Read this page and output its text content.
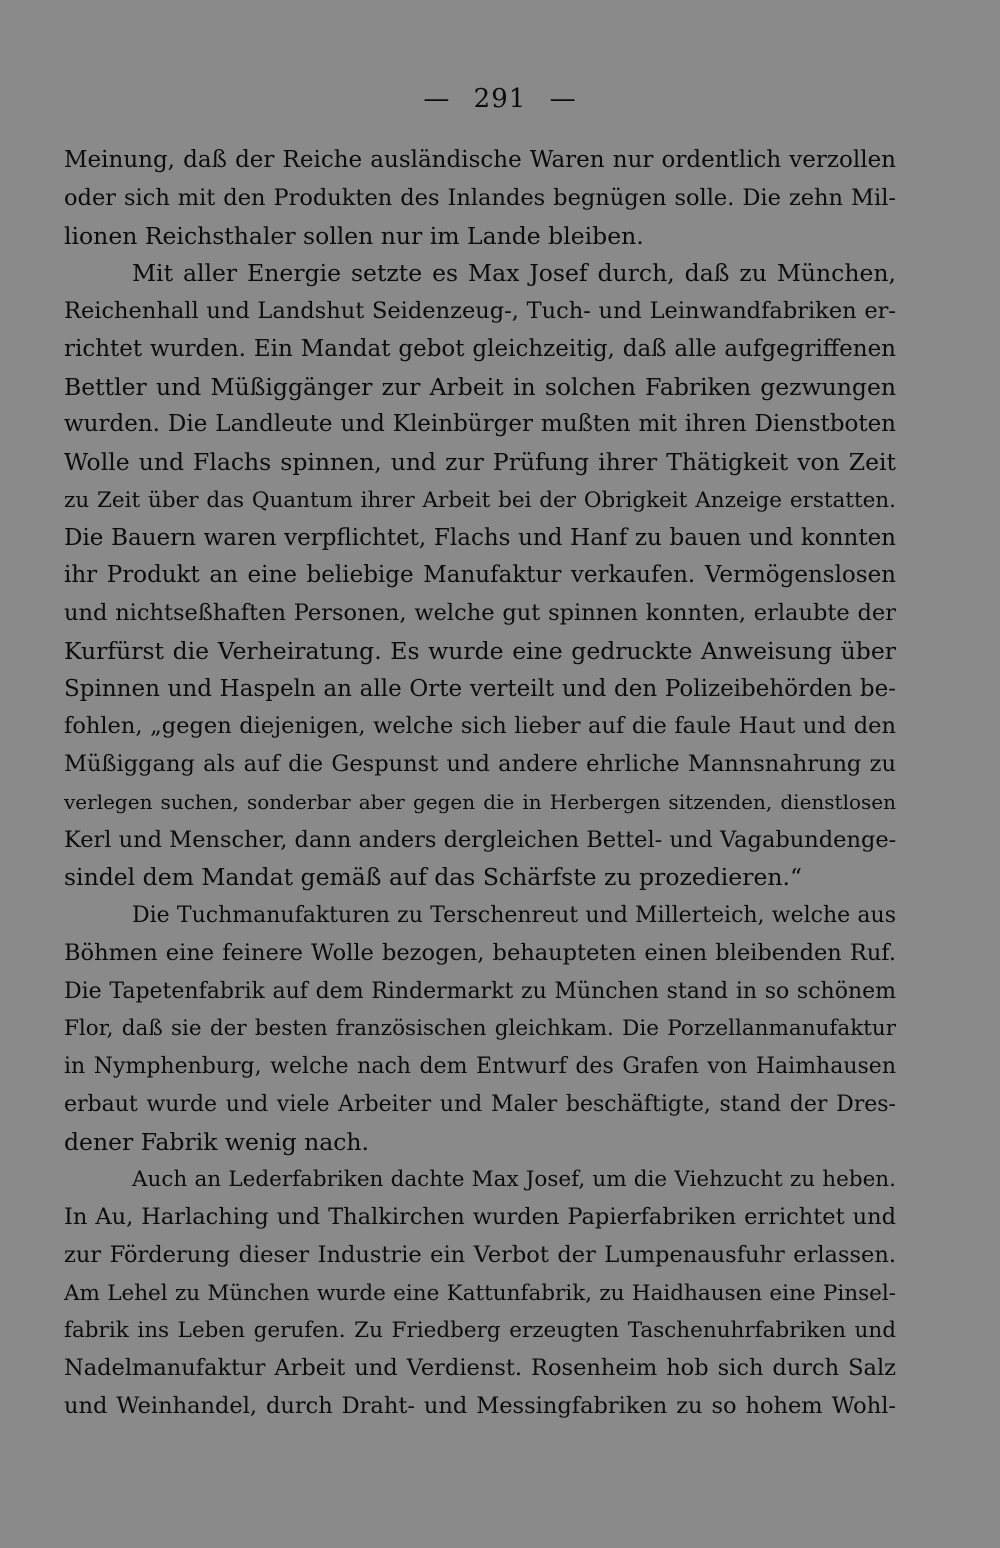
— 291 —
Meinung, daß der Reiche ausländische Waren nur ordentlich verzollen
oder sich mit den Produkten des Inlandes begnügen solle. Die zehn Mil-
lionen Reichsthaler sollen nur im Lande bleiben.
Mit aller Energie setzte es Max Josef durch, daß zu München,
Reichenhall und Landshut Seidenzeug-, Tuch- und Leinwandfabriken er-
richtet wurden. Ein Mandat gebot gleichzeitig, daß alle aufgegriffenen
Bettler und Müßiggänger zur Arbeit in solchen Fabriken gezwungen
wurden. Die Landleute und Kleinbürger mußten mit ihren Dienstboten
Wolle und Flachs spinnen, und zur Prüfung ihrer Thätigkeit von Zeit
zu Zeit über das Quantum ihrer Arbeit bei der Obrigkeit Anzeige erstatten.
Die Bauern waren verpflichtet, Flachs und Hanf zu bauen und konnten
ihr Produkt an eine beliebige Manufaktur verkaufen. Vermögenslosen
und nichtseßhaften Personen, welche gut spinnen konnten, erlaubte der
Kurfürst die Verheiratung. Es wurde eine gedruckte Anweisung über
Spinnen und Haspeln an alle Orte verteilt und den Polizeibehörden be-
fohlen, „gegen diejenigen, welche sich lieber auf die faule Haut und den
Müßiggang als auf die Gespunst und andere ehrliche Mannsnahrung zu
verlegen suchen, sonderbar aber gegen die in Herbergen sitzenden, dienstlosen
Kerl und Menscher, dann anders dergleichen Bettel- und Vagabundenge-
sindel dem Mandat gemäß auf das Schärfste zu prozedieren.“
Die Tuchmanufakturen zu Terschenreut und Millerteich, welche aus
Böhmen eine feinere Wolle bezogen, behaupteten einen bleibenden Ruf.
Die Tapetenfabrik auf dem Rindermarkt zu München stand in so schönem
Flor, daß sie der besten französischen gleichkam. Die Porzellanmanufaktur
in Nymphenburg, welche nach dem Entwurf des Grafen von Haimhausen
erbaut wurde und viele Arbeiter und Maler beschäftigte, stand der Dres-
dener Fabrik wenig nach.
Auch an Lederfabriken dachte Max Josef, um die Viehzucht zu heben.
In Au, Harlaching und Thalkirchen wurden Papierfabriken errichtet und
zur Förderung dieser Industrie ein Verbot der Lumpenausfuhr erlassen.
Am Lehel zu München wurde eine Kattunfabrik, zu Haidhausen eine Pinsel-
fabrik ins Leben gerufen. Zu Friedberg erzeugten Taschenuhrfabriken und
Nadelmanufaktur Arbeit und Verdienst. Rosenheim hob sich durch Salz
und Weinhandel, durch Draht- und Messingfabriken zu so hohem Wohl-
